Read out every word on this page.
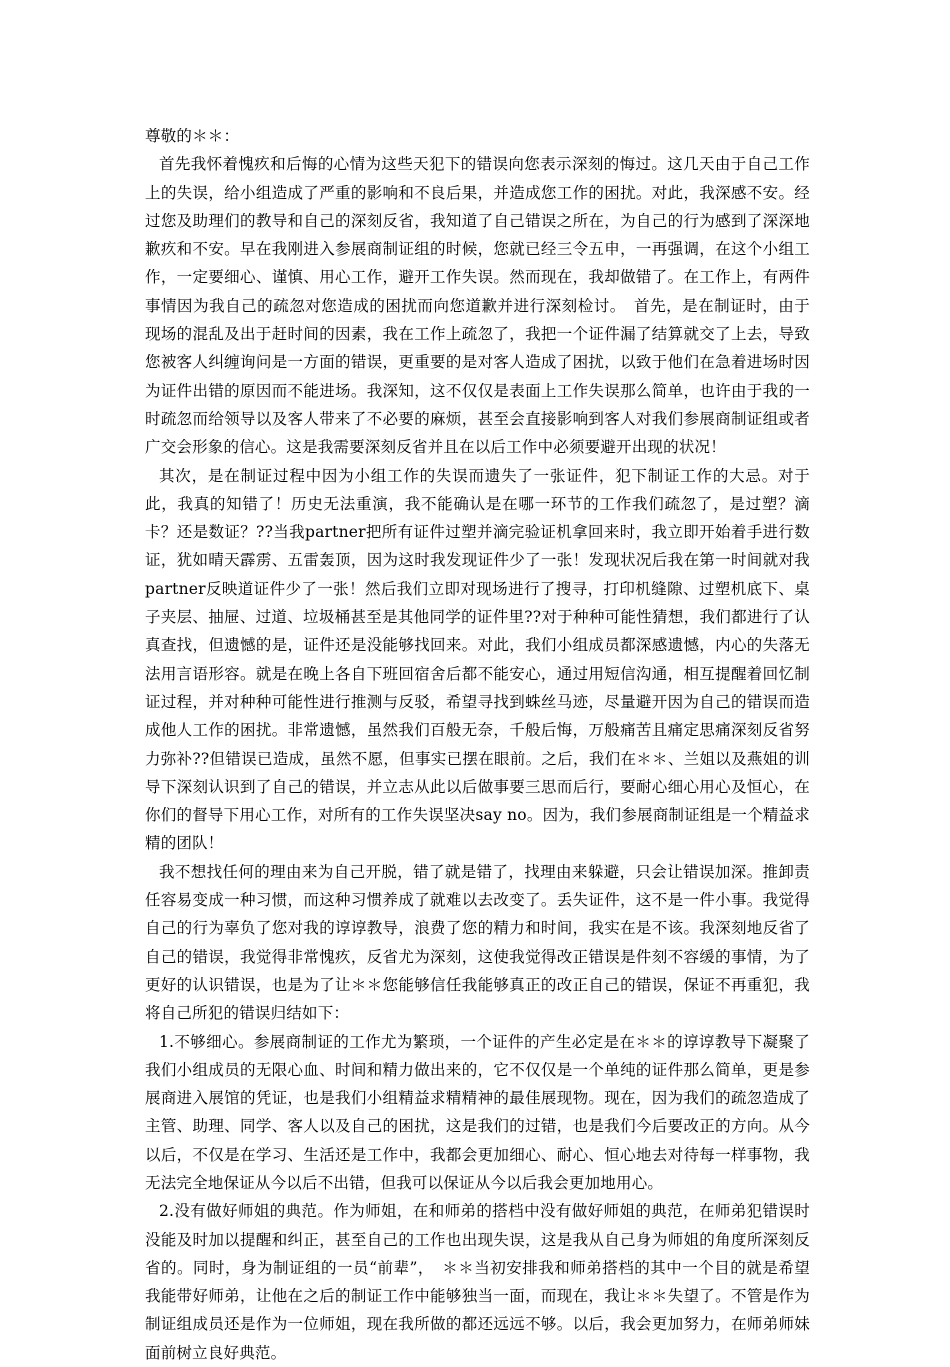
尊敬的＊＊：

首先我怀着愧疚和后悔的心情为这些天犯下的错误向您表示深刻的悔过。这几天由于自己工作上的失误，给小组造成了严重的影响和不良后果，并造成您工作的困扰。对此，我深感不安。经过您及助理们的教导和自己的深刻反省，我知道了自己错误之所在，为自己的行为感到了深深地歉疚和不安。早在我刚进入参展商制证组的时候，您就已经三令五申，一再强调，在这个小组工作，一定要细心、谨慎、用心工作，避开工作失误。然而现在，我却做错了。在工作上，有两件事情因为我自己的疏忽对您造成的困扰而向您道歉并进行深刻检讨。　首先，是在制证时，由于现场的混乱及出于赶时间的因素，我在工作上疏忽了，我把一个证件漏了结算就交了上去，导致您被客人纠缠询问是一方面的错误，更重要的是对客人造成了困扰，以致于他们在急着进场时因为证件出错的原因而不能进场。我深知，这不仅仅是表面上工作失误那么简单，也许由于我的一时疏忽而给领导以及客人带来了不必要的麻烦，甚至会直接影响到客人对我们参展商制证组或者广交会形象的信心。这是我需要深刻反省并且在以后工作中必须要避开出现的状况！

其次，是在制证过程中因为小组工作的失误而遗失了一张证件，犯下制证工作的大忌。对于此，我真的知错了！历史无法重演，我不能确认是在哪一环节的工作我们疏忽了，是过塑？滴卡？还是数证？??当我partner把所有证件过塑并滴完验证机拿回来时，我立即开始着手进行数证，犹如晴天霹雳、五雷轰顶，因为这时我发现证件少了一张！发现状况后我在第一时间就对我partner反映道证件少了一张！然后我们立即对现场进行了搜寻，打印机缝隙、过塑机底下、桌子夹层、抽屉、过道、垃圾桶甚至是其他同学的证件里??对于种种可能性猜想，我们都进行了认真查找，但遗憾的是，证件还是没能够找回来。对此，我们小组成员都深感遗憾，内心的失落无法用言语形容。就是在晚上各自下班回宿舍后都不能安心，通过用短信沟通，相互提醒着回忆制证过程，并对种种可能性进行推测与反驳，希望寻找到蛛丝马迹，尽量避开因为自己的错误而造成他人工作的困扰。非常遗憾，虽然我们百般无奈，千般后悔，万般痛苦且痛定思痛深刻反省努力弥补??但错误已造成，虽然不愿，但事实已摆在眼前。之后，我们在＊＊、兰姐以及燕姐的训导下深刻认识到了自己的错误，并立志从此以后做事要三思而后行，要耐心细心用心及恒心，在你们的督导下用心工作，对所有的工作失误坚决say no。因为，我们参展商制证组是一个精益求精的团队！

我不想找任何的理由来为自己开脱，错了就是错了，找理由来躲避，只会让错误加深。推卸责任容易变成一种习惯，而这种习惯养成了就难以去改变了。丢失证件，这不是一件小事。我觉得自己的行为辜负了您对我的谆谆教导，浪费了您的精力和时间，我实在是不该。我深刻地反省了自己的错误，我觉得非常愧疚，反省尤为深刻，这使我觉得改正错误是件刻不容缓的事情，为了更好的认识错误，也是为了让＊＊您能够信任我能够真正的改正自己的错误，保证不再重犯，我将自己所犯的错误归结如下：

1.不够细心。参展商制证的工作尤为繁琐，一个证件的产生必定是在＊＊的谆谆教导下凝聚了我们小组成员的无限心血、时间和精力做出来的，它不仅仅是一个单纯的证件那么简单，更是参展商进入展馆的凭证，也是我们小组精益求精精神的最佳展现物。现在，因为我们的疏忽造成了主管、助理、同学、客人以及自己的困扰，这是我们的过错，也是我们今后要改正的方向。从今以后，不仅是在学习、生活还是工作中，我都会更加细心、耐心、恒心地去对待每一样事物，我无法完全地保证从今以后不出错，但我可以保证从今以后我会更加地用心。

2.没有做好师姐的典范。作为师姐，在和师弟的搭档中没有做好师姐的典范，在师弟犯错误时没能及时加以提醒和纠正，甚至自己的工作也出现失误，这是我从自己身为师姐的角度所深刻反省的。同时，身为制证组的一员“前辈”，　＊＊当初安排我和师弟搭档的其中一个目的就是希望我能带好师弟，让他在之后的制证工作中能够独当一面，而现在，我让＊＊失望了。不管是作为制证组成员还是作为一位师姐，现在我所做的都还远远不够。以后，我会更加努力，在师弟师妹面前树立良好典范。
